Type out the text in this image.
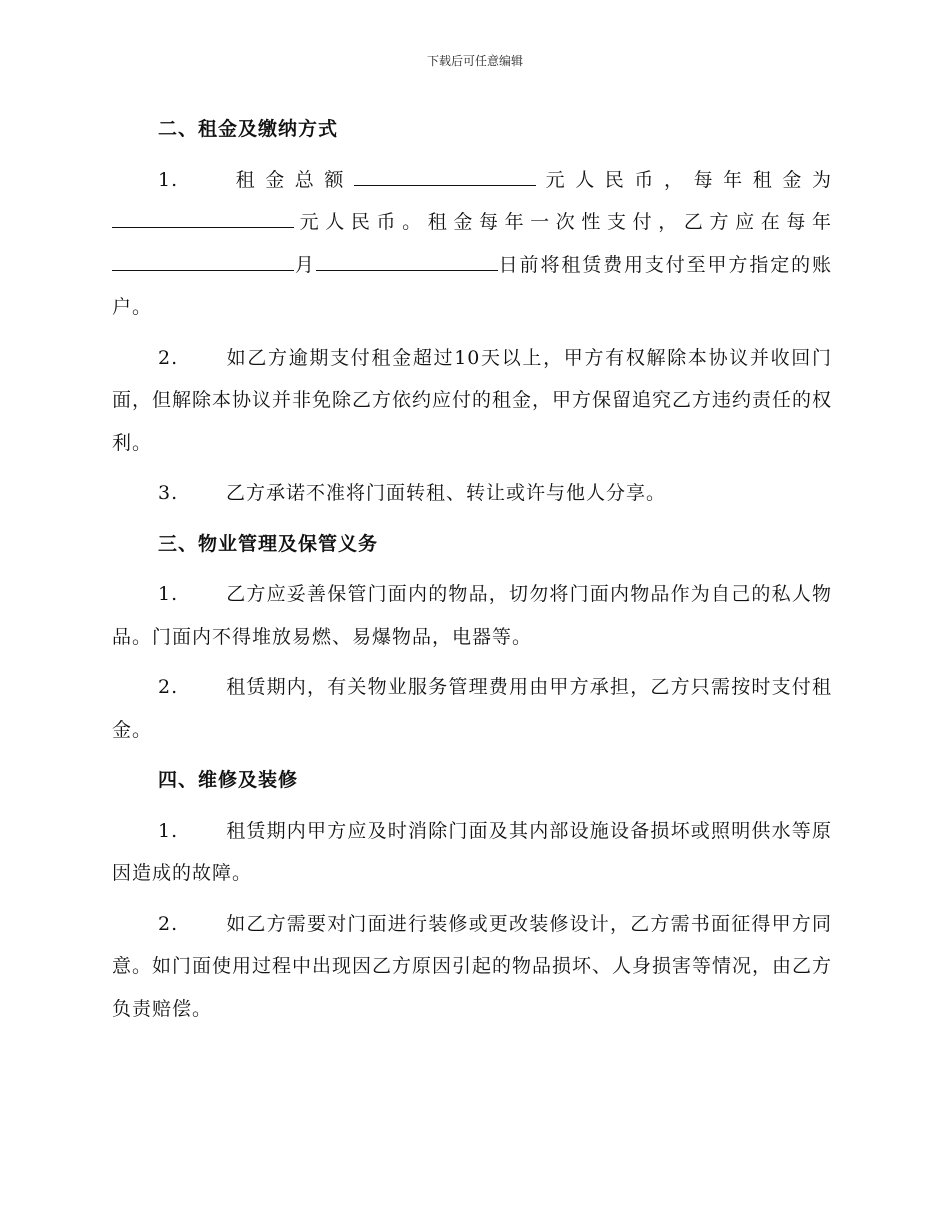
下载后可任意编辑
二、租金及缴纳方式

1.	租金总额	元人民币，每年租金为元人民币。租金每年一次性支付，乙方应在每年月	日前将租赁费用支付至甲方指定的账户。

2.	如乙方逾期支付租金超过10天以上，甲方有权解除本协议并收回门面，但解除本协议并非免除乙方依约应付的租金，甲方保留追究乙方违约责任的权利。

3.	乙方承诺不准将门面转租、转让或许与他人分享。

三、物业管理及保管义务

1.	乙方应妥善保管门面内的物品，切勿将门面内物品作为自己的私人物品。门面内不得堆放易燃、易爆物品，电器等。

2.	租赁期内，有关物业服务管理费用由甲方承担，乙方只需按时支付租金。

四、维修及装修

1.	租赁期内甲方应及时消除门面及其内部设施设备损坏或照明供水等原因造成的故障。

2.	如乙方需要对门面进行装修或更改装修设计，乙方需书面征得甲方同意。如门面使用过程中出现因乙方原因引起的物品损坏、人身损害等情况，由乙方负责赔偿。
